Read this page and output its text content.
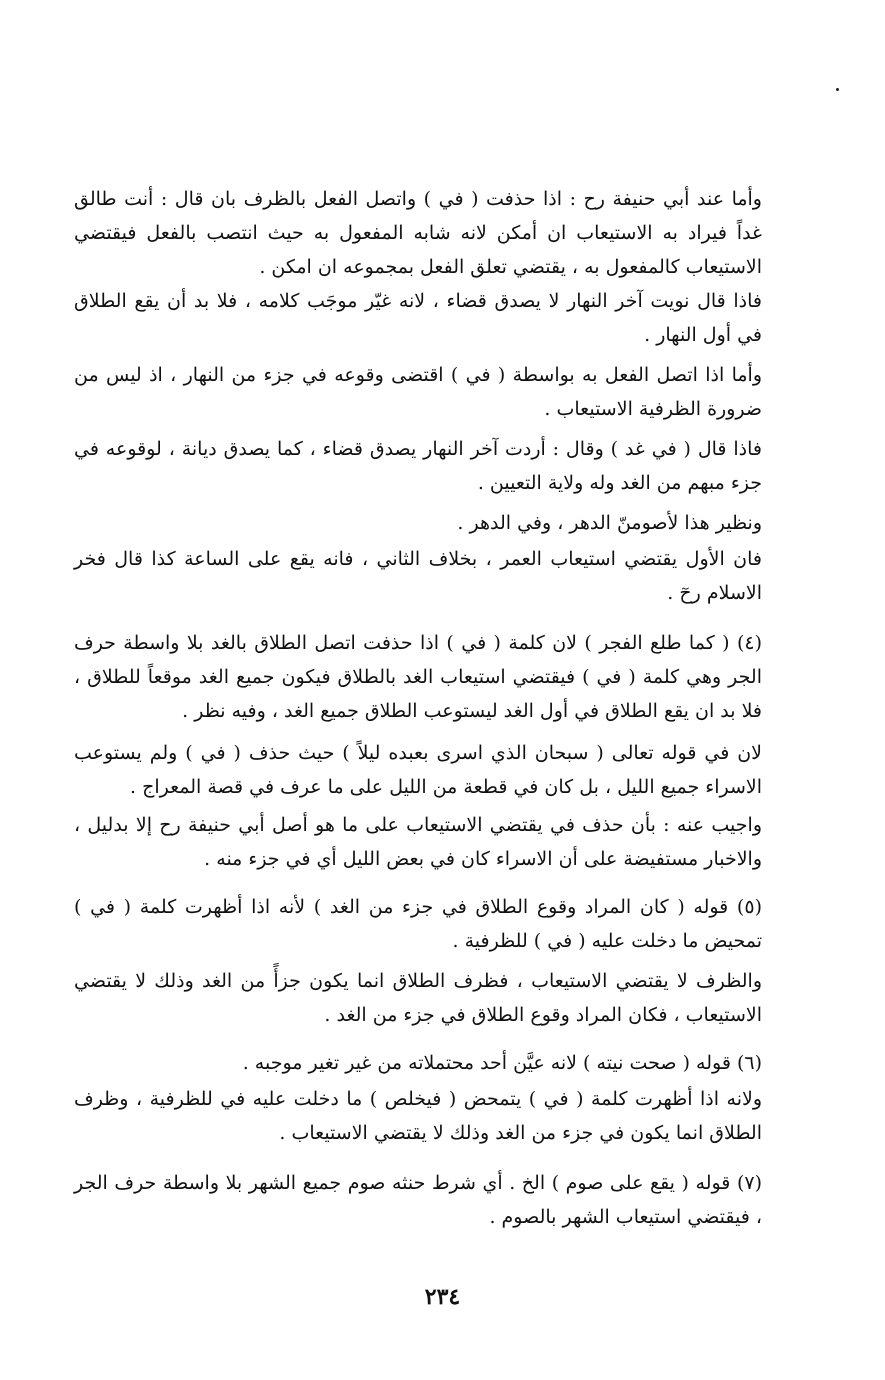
وأما عند أبي حنيفة رح : اذا حذفت ( في ) واتصل الفعل بالظرف بان قال : أنت طالق غداً فيراد به الاستيعاب ان أمكن لانه شابه المفعول به حيث انتصب بالفعل فيقتضي الاستيعاب كالمفعول به ، يقتضي تعلق الفعل بمجموعه ان امكن .

فاذا قال نويت آخر النهار لا يصدق قضاء ، لانه غيّر موجَب كلامه ، فلا بد أن يقع الطلاق في أول النهار .

وأما اذا اتصل الفعل به بواسطة ( في ) اقتضى وقوعه في جزء من النهار ، اذ ليس من ضرورة الظرفية الاستيعاب .

فاذا قال ( في غد ) وقال : أردت آخر النهار يصدق قضاء ، كما يصدق ديانة ، لوقوعه في جزء مبهم من الغد وله ولاية التعيين .

ونظير هذا لأصومنّ الدهر ، وفي الدهر .

فان الأول يقتضي استيعاب العمر ، بخلاف الثاني ، فانه يقع على الساعة كذا قال فخر الاسلام رحٓ .

(٤) ( كما طلع الفجر ) لان كلمة ( في ) اذا حذفت اتصل الطلاق بالغد بلا واسطة حرف الجر وهي كلمة ( في ) فيقتضي استيعاب الغد بالطلاق فيكون جميع الغد موقعاً للطلاق ، فلا بد ان يقع الطلاق في أول الغد ليستوعب الطلاق جميع الغد ، وفيه نظر .

لان في قوله تعالى ( سبحان الذي اسرى بعبده ليلاً ) حيث حذف ( في ) ولم يستوعب الاسراء جميع الليل ، بل كان في قطعة من الليل على ما عرف في قصة المعراج .

واجيب عنه : بأن حذف في يقتضي الاستيعاب على ما هو أصل أبي حنيفة رح إلا بدليل ، والاخبار مستفيضة على أن الاسراء كان في بعض الليل أي في جزء منه .

(٥) قوله ( كان المراد وقوع الطلاق في جزء من الغد ) لأنه اذا أظهرت كلمة ( في ) تمحيض ما دخلت عليه ( في ) للظرفية .

والظرف لا يقتضي الاستيعاب ، فظرف الطلاق انما يكون جزأً من الغد وذلك لا يقتضي الاستيعاب ، فكان المراد وقوع الطلاق في جزء من الغد .

(٦) قوله ( صحت نيته ) لانه عيَّن أحد محتملاته من غير تغير موجبه .

ولانه اذا أظهرت كلمة ( في ) يتمحض ( فيخلص ) ما دخلت عليه في للظرفية ، وظرف الطلاق انما يكون في جزء من الغد وذلك لا يقتضي الاستيعاب .

(٧) قوله ( يقع على صوم ) الخ . أي شرط حنثه صوم جميع الشهر بلا واسطة حرف الجر ، فيقتضي استيعاب الشهر بالصوم .

٢٣٤
